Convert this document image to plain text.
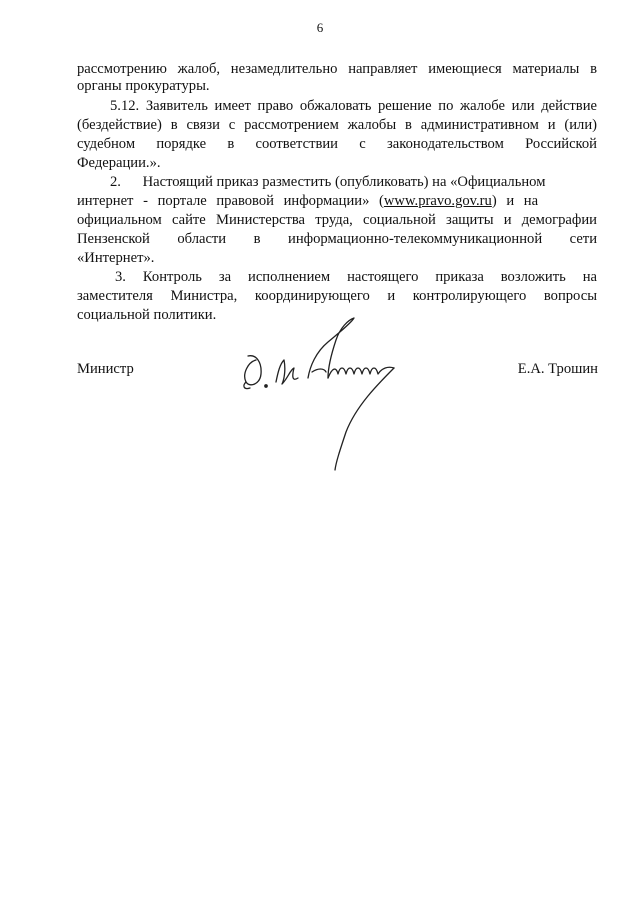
6
рассмотрению жалоб, незамедлительно направляет имеющиеся материалы в
органы прокуратуры.
5.12. Заявитель имеет право обжаловать решение по жалобе или действие
(бездействие) в связи с рассмотрением жалобы в административном и (или)
судебном порядке в соответствии с законодательством Российской
Федерации.».
2. Настоящий приказ разместить (опубликовать) на «Официальном
интернет - портале правовой информации» (www.pravo.gov.ru) и на
официальном сайте Министерства труда, социальной защиты и демографии
Пензенской области в информационно-телекоммуникационной сети
«Интернет».
3. Контроль за исполнением настоящего приказа возложить на
заместителя Министра, координирующего и контролирующего вопросы
социальной политики.
Министр	Е.А. Трошин
